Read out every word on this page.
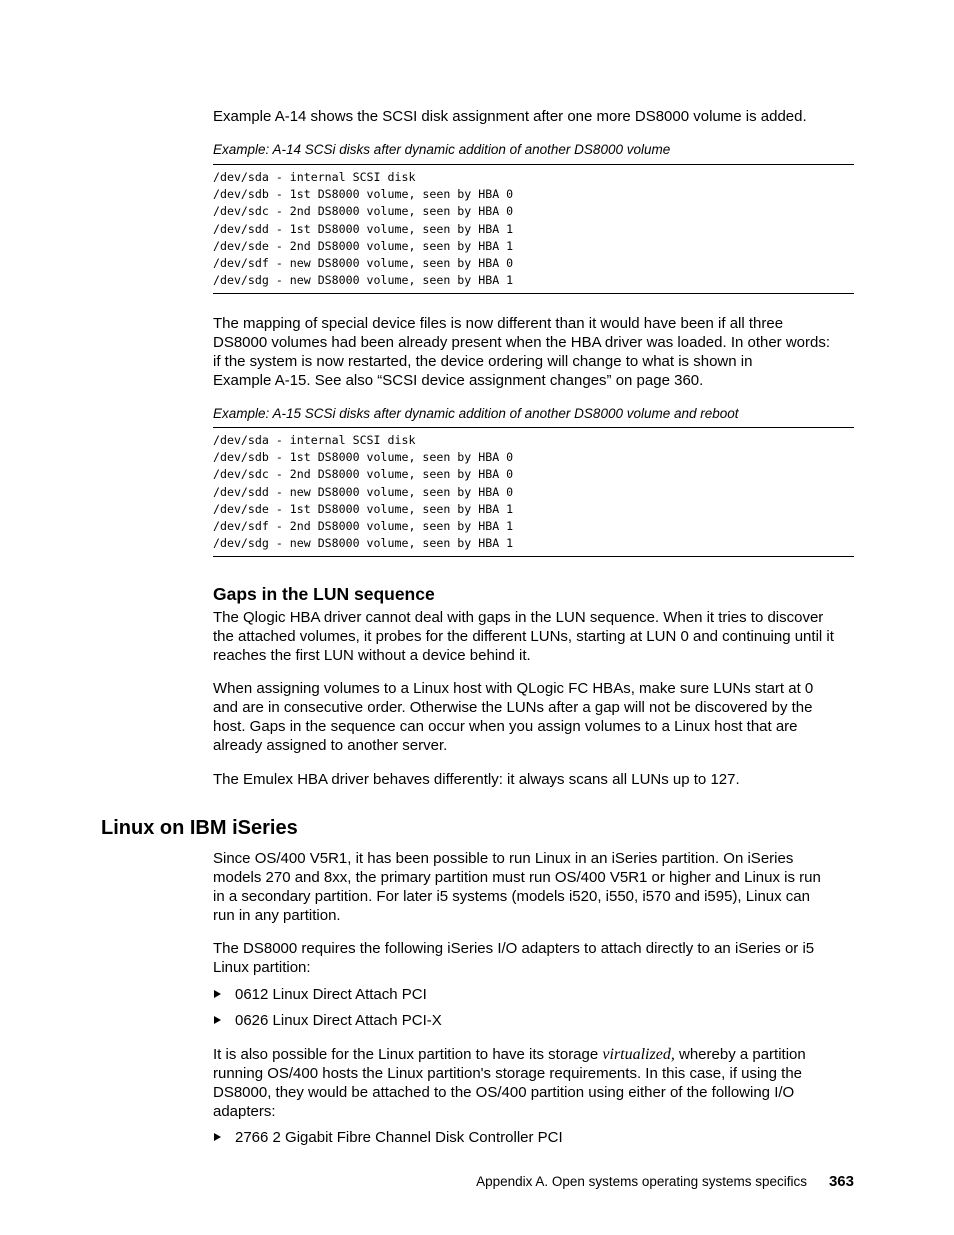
Example A-14 shows the SCSI disk assignment after one more DS8000 volume is added.

Example: A-14 SCSi disks after dynamic addition of another DS8000 volume

/dev/sda - internal SCSI disk
/dev/sdb - 1st DS8000 volume, seen by HBA 0
/dev/sdc - 2nd DS8000 volume, seen by HBA 0
/dev/sdd - 1st DS8000 volume, seen by HBA 1
/dev/sde - 2nd DS8000 volume, seen by HBA 1
/dev/sdf - new DS8000 volume, seen by HBA 0
/dev/sdg - new DS8000 volume, seen by HBA 1

The mapping of special device files is now different than it would have been if all three

DS8000 volumes had been already present when the HBA driver was loaded. In other words:

if the system is now restarted, the device ordering will change to what is shown in

Example A-15. See also “SCSI device assignment changes” on page 360.

Example: A-15 SCSi disks after dynamic addition of another DS8000 volume and reboot

/dev/sda - internal SCSI disk
/dev/sdb - 1st DS8000 volume, seen by HBA 0
/dev/sdc - 2nd DS8000 volume, seen by HBA 0
/dev/sdd - new DS8000 volume, seen by HBA 0
/dev/sde - 1st DS8000 volume, seen by HBA 1
/dev/sdf - 2nd DS8000 volume, seen by HBA 1
/dev/sdg - new DS8000 volume, seen by HBA 1
Gaps in the LUN sequence

The Qlogic HBA driver cannot deal with gaps in the LUN sequence. When it tries to discover

the attached volumes, it probes for the different LUNs, starting at LUN 0 and continuing until it

reaches the first LUN without a device behind it.

When assigning volumes to a Linux host with QLogic FC HBAs, make sure LUNs start at 0

and are in consecutive order. Otherwise the LUNs after a gap will not be discovered by the

host. Gaps in the sequence can occur when you assign volumes to a Linux host that are

already assigned to another server.

The Emulex HBA driver behaves differently: it always scans all LUNs up to 127.

Linux on IBM iSeries

Since OS/400 V5R1, it has been possible to run Linux in an iSeries partition. On iSeries

models 270 and 8xx, the primary partition must run OS/400 V5R1 or higher and Linux is run

in a secondary partition. For later i5 systems (models i520, i550, i570 and i595), Linux can

run in any partition.

The DS8000 requires the following iSeries I/O adapters to attach directly to an iSeries or i5

Linux partition:

0612 Linux Direct Attach PCI
0626 Linux Direct Attach PCI-X

It is also possible for the Linux partition to have its storage virtualized, whereby a partition

running OS/400 hosts the Linux partition's storage requirements. In this case, if using the

DS8000, they would be attached to the OS/400 partition using either of the following I/O

adapters:

2766 2 Gigabit Fibre Channel Disk Controller PCI
Appendix A. Open systems operating systems specifics 363
